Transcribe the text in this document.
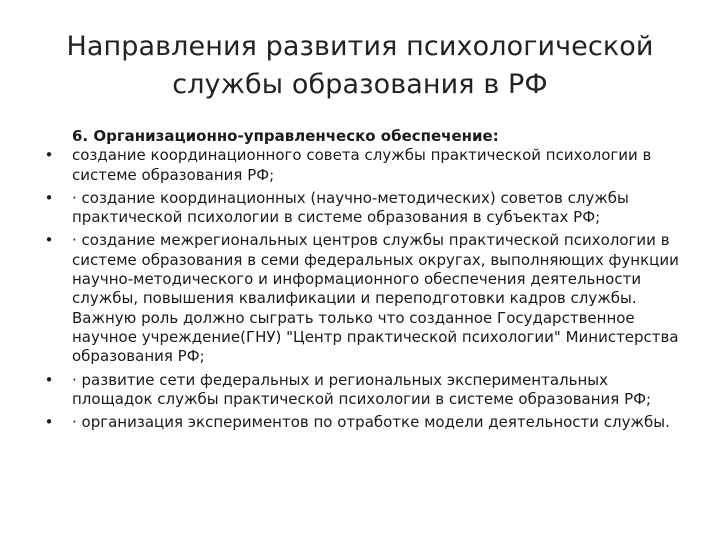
Направления развития психологической
службы образования в РФ
6. Организационно-управленческо обеспечение:
• создание координационного совета службы практической психологии в системе образования РФ;
• · создание координационных (научно-методических) советов службы практической психологии в системе образования в субъектах РФ;
• · создание межрегиональных центров службы практической психологии в системе образования в семи федеральных округах, выполняющих функции научно-методического и информационного обеспечения деятельности службы, повышения квалификации и переподготовки кадров службы. Важную роль должно сыграть только что созданное Государственное научное учреждение(ГНУ) "Центр практической психологии" Министерства образования РФ;
• · развитие сети федеральных и региональных экспериментальных площадок службы практической психологии в системе образования РФ;
• · организация экспериментов по отработке модели деятельности службы.
